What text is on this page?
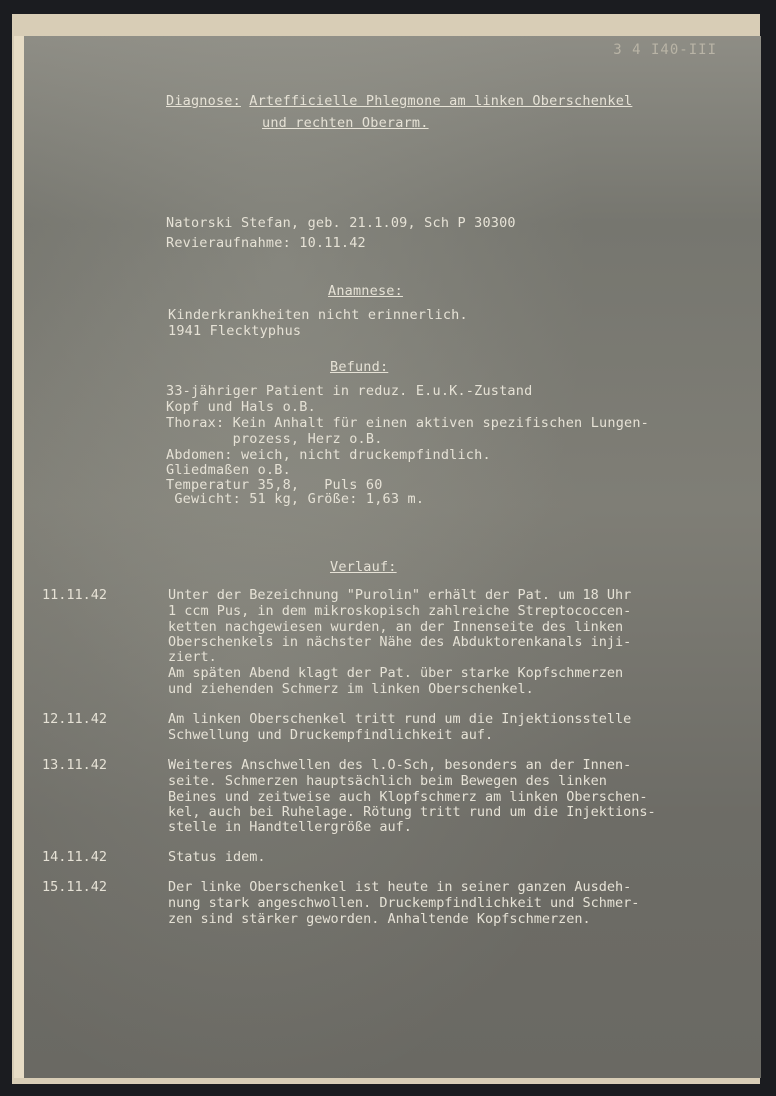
3 4 I40-III
Diagnose: Artefficielle Phlegmone am linken Oberschenkel
und rechten Oberarm.
Natorski Stefan, geb. 21.1.09, Sch P 30300
Revieraufnahme: 10.11.42
Anamnese:
Kinderkrankheiten nicht erinnerlich.
1941 Flecktyphus
Befund:
33-jähriger Patient in reduz. E.u.K.-Zustand
Kopf und Hals o.B.
Thorax: Kein Anhalt für einen aktiven spezifischen Lungen-
prozess, Herz o.B.
Abdomen: weich, nicht druckempfindlich.
Gliedmaßen o.B.
Temperatur 35,8,   Puls 60
Gewicht: 51 kg, Größe: 1,63 m.
Verlauf:
11.11.42	Unter der Bezeichnung "Purolin" erhält der Pat. um 18 Uhr
1 ccm Pus, in dem mikroskopisch zahlreiche Streptococcen-
ketten nachgewiesen wurden, an der Innenseite des linken
Oberschenkels in nächster Nähe des Abduktorenkanals inji-
ziert.
Am späten Abend klagt der Pat. über starke Kopfschmerzen
und ziehenden Schmerz im linken Oberschenkel.
12.11.42	Am linken Oberschenkel tritt rund um die Injektionsstelle
Schwellung und Druckempfindlichkeit auf.
13.11.42	Weiteres Anschwellen des l.O-Sch, besonders an der Innen-
seite. Schmerzen hauptsächlich beim Bewegen des linken
Beines und zeitweise auch Klopfschmerz am linken Oberschen-
kel, auch bei Ruhelage. Rötung tritt rund um die Injektions-
stelle in Handtellergröße auf.
14.11.42	Status idem.
15.11.42	Der linke Oberschenkel ist heute in seiner ganzen Ausdeh-
nung stark angeschwollen. Druckempfindlichkeit und Schmer-
zen sind stärker geworden. Anhaltende Kopfschmerzen.
